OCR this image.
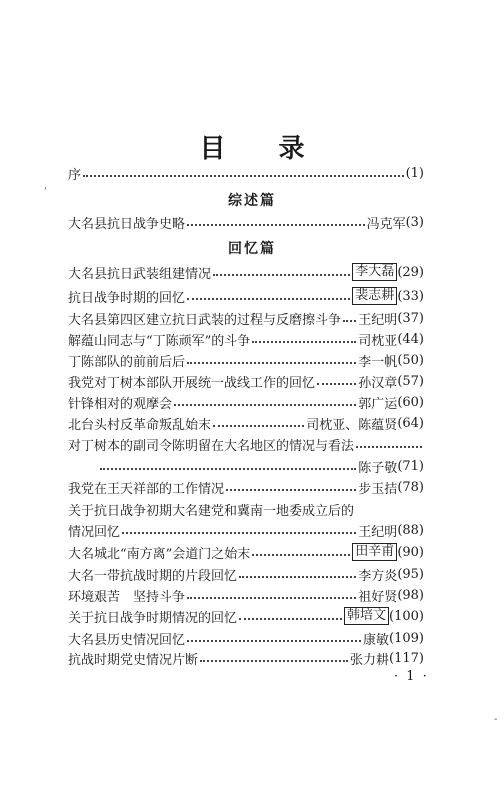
目 录
序	(1)
综述篇
大名县抗日战争史略	冯克军 (3)
回忆篇
大名县抗日武装组建情况	李大磊 (29)
抗日战争时期的回忆	裴志耕 (33)
大名县第四区建立抗日武装的过程与反磨擦斗争 王纪明 (37)
解蕴山同志与“丁陈顽军”的斗争	司枕亚 (44)
丁陈部队的前前后后	李一帆 (50)
我党对丁树本部队开展统一战线工作的回忆	孙汉章 (57)
针锋相对的观摩会	郭广运 (60)
北台头村反革命叛乱始末	司枕亚、陈蕴贤 (64)
对丁树本的副司令陈明留在大名地区的情况与看法
陈子敬 (71)
我党在王天祥部的工作情况	步玉拮 (78)
关于抗日战争初期大名建党和冀南一地委成立后的
情况回忆	王纪明 (88)
大名城北“南方离”会道门之始末	田辛甫 (90)
大名一带抗战时期的片段回忆	李方炎 (95)
环境艰苦　坚持斗争	祖好贤 (98)
关于抗日战争时期情况的回忆	韩培文 (100)
大名县历史情况回忆	康敏 (109)
抗战时期党史情况片断	张力耕 (117)
· 1 ·
ˈ
-
